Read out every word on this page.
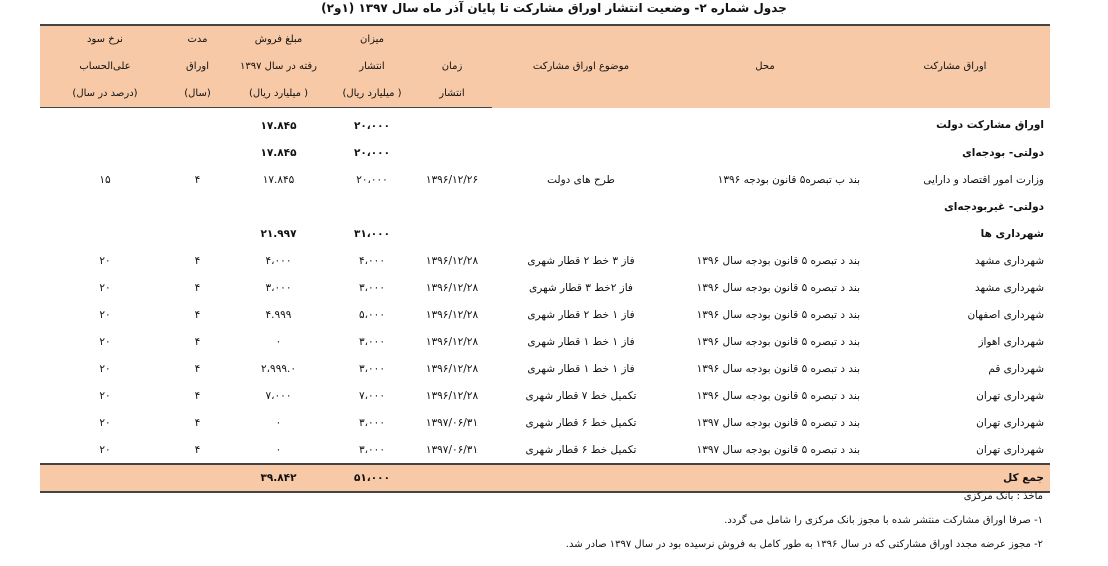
جدول شماره ۲- وضعیت انتشار اوراق مشارکت تا پایان آذر ماه سال ۱۳۹۷ (۱و۲)
اوراق مشارکت	محل	موضوع اوراق مشارکت		میزان	مبلغ فروش	مدت	نرخ سود
			زمان	انتشار	رفته در سال ۱۳۹۷	اوراق	علی‌الحساب
			انتشار	( میلیارد ریال)	( میلیارد ریال)	(سال)	(درصد در سال)
اوراق مشارکت دولت				۲۰،۰۰۰	۱۷.۸۴۵		
دولتی- بودجه‌ای				۲۰،۰۰۰	۱۷.۸۴۵		
وزارت امور اقتصاد و دارایی	بند ب تبصره۵ قانون بودجه ۱۳۹۶	طرح های دولت	۱۳۹۶/۱۲/۲۶	۲۰،۰۰۰	۱۷.۸۴۵	۴	۱۵
دولتی- غیربودجه‌ای							
شهرداری ها				۳۱،۰۰۰	۲۱.۹۹۷		
شهرداری مشهد	بند د تبصره ۵ قانون بودجه سال ۱۳۹۶	فاز ۳ خط ۲ قطار شهری	۱۳۹۶/۱۲/۲۸	۴،۰۰۰	۴،۰۰۰	۴	۲۰
شهرداری مشهد	بند د تبصره ۵ قانون بودجه سال ۱۳۹۶	فاز ۲خط ۳ قطار شهری	۱۳۹۶/۱۲/۲۸	۳،۰۰۰	۳،۰۰۰	۴	۲۰
شهرداری اصفهان	بند د تبصره ۵ قانون بودجه سال ۱۳۹۶	فاز ۱ خط ۲ قطار شهری	۱۳۹۶/۱۲/۲۸	۵،۰۰۰	۴.۹۹۹	۴	۲۰
شهرداری اهواز	بند د تبصره ۵ قانون بودجه سال ۱۳۹۶	فاز ۱ خط ۱ قطار شهری	۱۳۹۶/۱۲/۲۸	۳،۰۰۰	۰	۴	۲۰
شهرداری قم	بند د تبصره ۵ قانون بودجه سال ۱۳۹۶	فاز ۱ خط ۱ قطار شهری	۱۳۹۶/۱۲/۲۸	۳،۰۰۰	۲،۹۹۹.۰	۴	۲۰
شهرداری تهران	بند د تبصره ۵ قانون بودجه سال ۱۳۹۶	تکمیل خط ۷ قطار شهری	۱۳۹۶/۱۲/۲۸	۷،۰۰۰	۷،۰۰۰	۴	۲۰
شهرداری تهران	بند د تبصره ۵ قانون بودجه سال ۱۳۹۷	تکمیل خط ۶ قطار شهری	۱۳۹۷/۰۶/۳۱	۳،۰۰۰	۰	۴	۲۰
شهرداری تهران	بند د تبصره ۵ قانون بودجه سال ۱۳۹۷	تکمیل خط ۶ قطار شهری	۱۳۹۷/۰۶/۳۱	۳،۰۰۰	۰	۴	۲۰
جمع کل				۵۱،۰۰۰	۳۹.۸۴۲		
ماخذ : بانک مرکزی
۱- صرفا اوراق مشارکت منتشر شده با مجوز بانک مرکزی را شامل می گردد.
۲- مجوز عرضه مجدد اوراق مشارکتی که در سال ۱۳۹۶ به طور کامل به فروش نرسیده بود در سال ۱۳۹۷ صادر شد.
